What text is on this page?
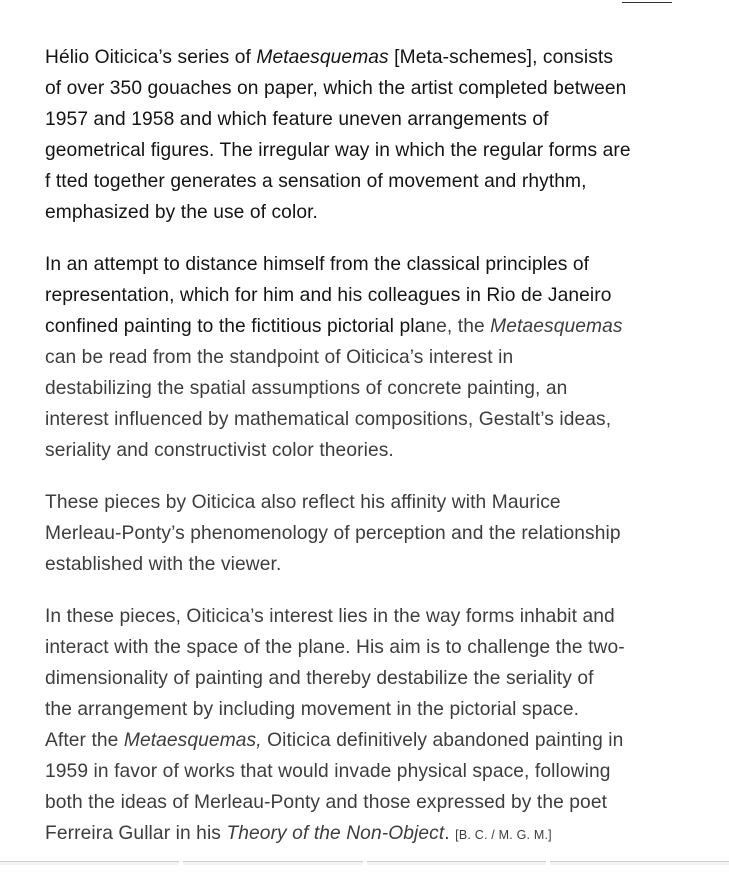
Hélio Oiticica’s series of Metaesquemas [Meta-schemes], consists
of over 350 gouaches on paper, which the artist completed between
1957 and 1958 and which feature uneven arrangements of
geometrical figures. The irregular way in which the regular forms are
f tted together generates a sensation of movement and rhythm,
emphasized by the use of color.

In an attempt to distance himself from the classical principles of
representation, which for him and his colleagues in Rio de Janeiro
confined painting to the fictitious pictorial plane, the Metaesquemas
can be read from the standpoint of Oiticica’s interest in
destabilizing the spatial assumptions of concrete painting, an
interest influenced by mathematical compositions, Gestalt’s ideas,
seriality and constructivist color theories.

These pieces by Oiticica also reflect his affinity with Maurice
Merleau-Ponty’s phenomenology of perception and the relationship
established with the viewer.

In these pieces, Oiticica’s interest lies in the way forms inhabit and
interact with the space of the plane. His aim is to challenge the two-
dimensionality of painting and thereby destabilize the seriality of
the arrangement by including movement in the pictorial space.
After the Metaesquemas, Oiticica definitively abandoned painting in
1959 in favor of works that would invade physical space, following
both the ideas of Merleau-Ponty and those expressed by the poet
Ferreira Gullar in his Theory of the Non-Object. [B. C. / M. G. M.]
